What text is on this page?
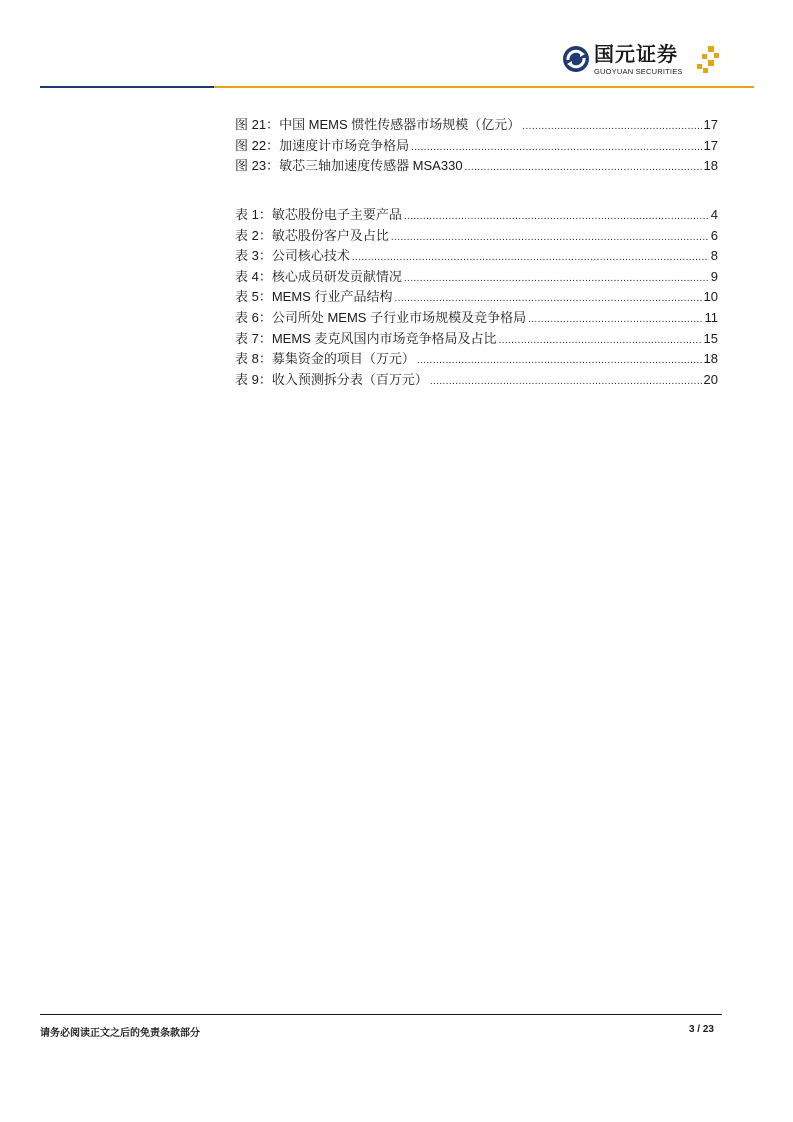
国元证券
GUOYUAN SECURITIES
图 21：中国 MEMS 惯性传感器市场规模（亿元） .....	17
图 22：加速度计市场竞争格局 .....	17
图 23：敏芯三轴加速度传感器 MSA330 .....	18
表 1：敏芯股份电子主要产品 .....	4
表 2：敏芯股份客户及占比 .....	6
表 3：公司核心技术 .....	8
表 4：核心成员研发贡献情况 .....	9
表 5：MEMS 行业产品结构 .....	10
表 6：公司所处 MEMS 子行业市场规模及竞争格局 .....	11
表 7：MEMS 麦克风国内市场竞争格局及占比 .....	15
表 8：募集资金的项目（万元） .....	18
表 9：收入预测拆分表（百万元） .....	20
请务必阅读正文之后的免责条款部分	3 / 23
